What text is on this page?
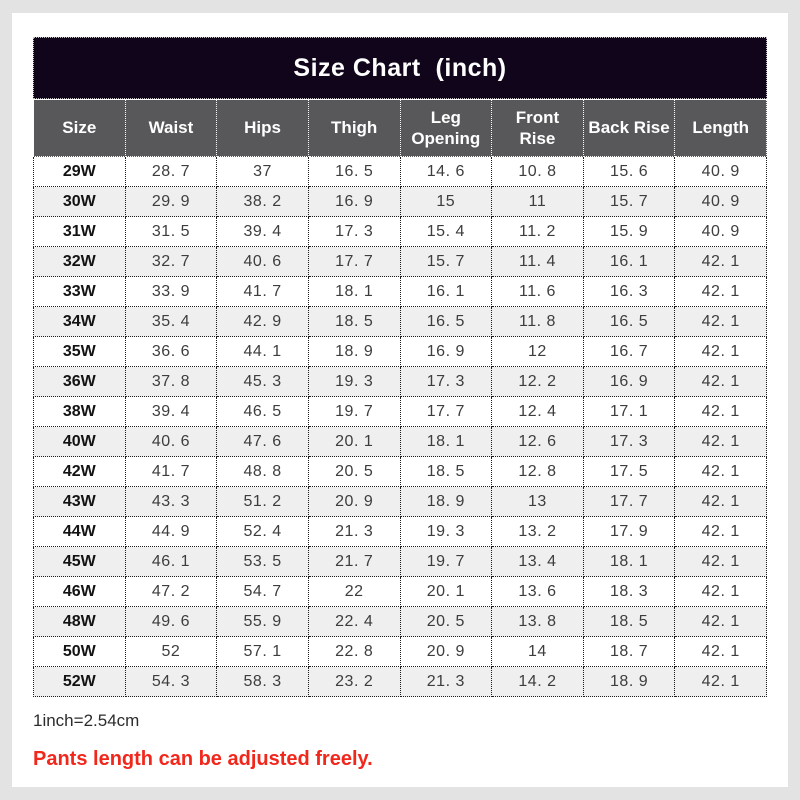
Size Chart  (inch)
Size	Waist	Hips	Thigh	Leg Opening	Front Rise	Back Rise	Length
29W	28. 7	37	16. 5	14. 6	10. 8	15. 6	40. 9
30W	29. 9	38. 2	16. 9	15	11	15. 7	40. 9
31W	31. 5	39. 4	17. 3	15. 4	11. 2	15. 9	40. 9
32W	32. 7	40. 6	17. 7	15. 7	11. 4	16. 1	42. 1
33W	33. 9	41. 7	18. 1	16. 1	11. 6	16. 3	42. 1
34W	35. 4	42. 9	18. 5	16. 5	11. 8	16. 5	42. 1
35W	36. 6	44. 1	18. 9	16. 9	12	16. 7	42. 1
36W	37. 8	45. 3	19. 3	17. 3	12. 2	16. 9	42. 1
38W	39. 4	46. 5	19. 7	17. 7	12. 4	17. 1	42. 1
40W	40. 6	47. 6	20. 1	18. 1	12. 6	17. 3	42. 1
42W	41. 7	48. 8	20. 5	18. 5	12. 8	17. 5	42. 1
43W	43. 3	51. 2	20. 9	18. 9	13	17. 7	42. 1
44W	44. 9	52. 4	21. 3	19. 3	13. 2	17. 9	42. 1
45W	46. 1	53. 5	21. 7	19. 7	13. 4	18. 1	42. 1
46W	47. 2	54. 7	22	20. 1	13. 6	18. 3	42. 1
48W	49. 6	55. 9	22. 4	20. 5	13. 8	18. 5	42. 1
50W	52	57. 1	22. 8	20. 9	14	18. 7	42. 1
52W	54. 3	58. 3	23. 2	21. 3	14. 2	18. 9	42. 1
1inch=2.54cm
Pants length can be adjusted freely.
